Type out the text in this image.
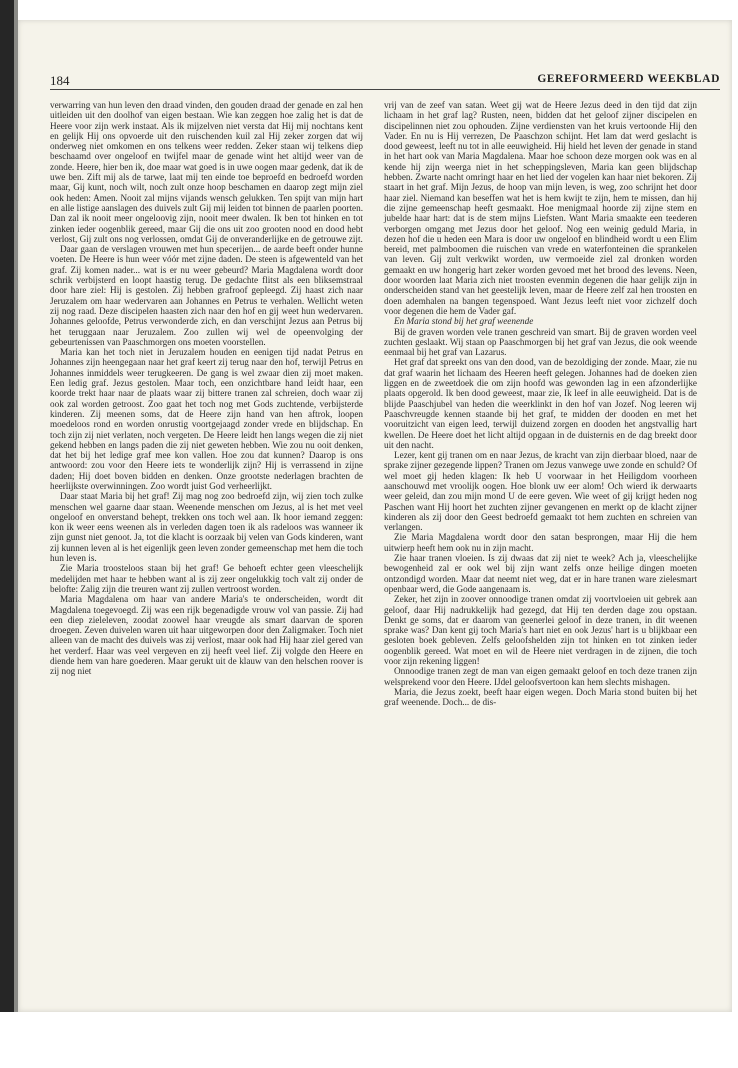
184	GEREFORMEERD WEEKBLAD

verwarring van hun leven den draad vinden, den gouden draad der genade en zal hen uitleiden uit den doolhof van eigen bestaan. Wie kan zeggen hoe zalig het is dat de Heere voor zijn werk instaat. Als ik mijzelven niet versta dat Hij mij nochtans kent en gelijk Hij ons opvoerde uit den ruischenden kuil zal Hij zeker zorgen dat wij onderweg niet omkomen en ons telkens weer redden. Zeker staan wij telkens diep beschaamd over ongeloof en twijfel maar de genade wint het altijd weer van de zonde. Heere, hier ben ik, doe maar wat goed is in uwe oogen maar gedenk, dat ik de uwe ben. Zift mij als de tarwe, laat mij ten einde toe beproefd en bedroefd worden maar, Gij kunt, noch wilt, noch zult onze hoop beschamen en daarop zegt mijn ziel ook heden: Amen. Nooit zal mijns vijands wensch gelukken. Ten spijt van mijn hart en alle listige aanslagen des duivels zult Gij mij leiden tot binnen de paarlen poorten. Dan zal ik nooit meer ongeloovig zijn, nooit meer dwalen. Ik ben tot hinken en tot zinken ieder oogenblik gereed, maar Gij die ons uit zoo grooten nood en dood hebt verlost, Gij zult ons nog verlossen, omdat Gij de onveranderlijke en de getrouwe zijt.

Daar gaan de verslagen vrouwen met hun specerijen... de aarde beeft onder hunne voeten. De Heere is hun weer vóór met zijne daden. De steen is afgewenteld van het graf. Zij komen nader... wat is er nu weer gebeurd? Maria Magdalena wordt door schrik verbijsterd en loopt haastig terug. De gedachte flitst als een bliksemstraal door hare ziel: Hij is gestolen. Zij hebben grafroof gepleegd. Zij haast zich naar Jeruzalem om haar wedervaren aan Johannes en Petrus te verhalen. Wellicht weten zij nog raad. Deze discipelen haasten zich naar den hof en gij weet hun wedervaren. Johannes geloofde, Petrus verwonderde zich, en dan verschijnt Jezus aan Petrus bij het teruggaan naar Jeruzalem. Zoo zullen wij wel de opeenvolging der gebeurtenissen van Paaschmorgen ons moeten voorstellen.

Maria kan het toch niet in Jeruzalem houden en eenigen tijd nadat Petrus en Johannes zijn heengegaan naar het graf keert zij terug naar den hof, terwijl Petrus en Johannes inmiddels weer terugkeeren. De gang is wel zwaar dien zij moet maken. Een ledig graf. Jezus gestolen. Maar toch, een onzichtbare hand leidt haar, een koorde trekt haar naar de plaats waar zij bittere tranen zal schreien, doch waar zij ook zal worden getroost. Zoo gaat het toch nog met Gods zuchtende, verbijsterde kinderen. Zij meenen soms, dat de Heere zijn hand van hen aftrok, loopen moedeloos rond en worden onrustig voortgejaagd zonder vrede en blijdschap. En toch zijn zij niet verlaten, noch vergeten. De Heere leidt hen langs wegen die zij niet gekend hebben en langs paden die zij niet geweten hebben. Wie zou nu ooit denken, dat het bij het ledige graf mee kon vallen. Hoe zou dat kunnen? Daarop is ons antwoord: zou voor den Heere iets te wonderlijk zijn? Hij is verrassend in zijne daden; Hij doet boven bidden en denken. Onze grootste nederlagen brachten de heerlijkste overwinningen. Zoo wordt juist God verheerlijkt.

Daar staat Maria bij het graf! Zij mag nog zoo bedroefd zijn, wij zien toch zulke menschen wel gaarne daar staan. Weenende menschen om Jezus, al is het met veel ongeloof en onverstand behept, trekken ons toch wel aan. Ik hoor iemand zeggen: kon ik weer eens weenen als in verleden dagen toen ik als radeloos was wanneer ik zijn gunst niet genoot. Ja, tot die klacht is oorzaak bij velen van Gods kinderen, want zij kunnen leven al is het eigenlijk geen leven zonder gemeenschap met hem die toch hun leven is.

Zie Maria troosteloos staan bij het graf! Ge behoeft echter geen vleeschelijk medelijden met haar te hebben want al is zij zeer ongelukkig toch valt zij onder de belofte: Zalig zijn die treuren want zij zullen vertroost worden.

Maria Magdalena om haar van andere Maria's te onderscheiden, wordt dit Magdalena toegevoegd. Zij was een rijk begenadigde vrouw vol van passie. Zij had een diep zieleleven, zoodat zoowel haar vreugde als smart daarvan de sporen droegen. Zeven duivelen waren uit haar uitgeworpen door den Zaligmaker. Toch niet alleen van de macht des duivels was zij verlost, maar ook had Hij haar ziel gered van het verderf. Haar was veel vergeven en zij heeft veel lief. Zij volgde den Heere en diende hem van hare goederen. Maar gerukt uit de klauw van den helschen roover is zij nog niet

vrij van de zeef van satan. Weet gij wat de Heere Jezus deed in den tijd dat zijn lichaam in het graf lag? Rusten, neen, bidden dat het geloof zijner discipelen en discipelinnen niet zou ophouden. Zijne verdiensten van het kruis vertoonde Hij den Vader. En nu is Hij verrezen, De Paaschzon schijnt. Het lam dat werd geslacht is dood geweest, leeft nu tot in alle eeuwigheid. Hij hield het leven der genade in stand in het hart ook van Maria Magdalena. Maar hoe schoon deze morgen ook was en al kende hij zijn weerga niet in het scheppingsleven, Maria kan geen blijdschap hebben. Zwarte nacht omringt haar en het lied der vogelen kan haar niet bekoren. Zij staart in het graf. Mijn Jezus, de hoop van mijn leven, is weg, zoo schrijnt het door haar ziel. Niemand kan beseffen wat het is hem kwijt te zijn, hem te missen, dan hij die zijne gemeenschap heeft gesmaakt. Hoe menigmaal hoorde zij zijne stem en jubelde haar hart: dat is de stem mijns Liefsten. Want Maria smaakte een teederen verborgen omgang met Jezus door het geloof. Nog een weinig geduld Maria, in dezen hof die u heden een Mara is door uw ongeloof en blindheid wordt u een Elim bereid, met palmboomen die ruischen van vrede en waterfonteinen die sprankelen van leven. Gij zult verkwikt worden, uw vermoeide ziel zal dronken worden gemaakt en uw hongerig hart zeker worden gevoed met het brood des levens. Neen, door woorden laat Maria zich niet troosten evenmin degenen die haar gelijk zijn in onderscheiden stand van het geestelijk leven, maar de Heere zelf zal hen troosten en doen ademhalen na bangen tegenspoed. Want Jezus leeft niet voor zichzelf doch voor degenen die hem de Vader gaf.

En Maria stond bij het graf weenende

Bij de graven worden vele tranen geschreid van smart. Bij de graven worden veel zuchten geslaakt. Wij staan op Paaschmorgen bij het graf van Jezus, die ook weende eenmaal bij het graf van Lazarus.

Het graf dat spreekt ons van den dood, van de bezoldiging der zonde. Maar, zie nu dat graf waarin het lichaam des Heeren heeft gelegen. Johannes had de doeken zien liggen en de zweetdoek die om zijn hoofd was gewonden lag in een afzonderlijke plaats opgerold. Ik ben dood geweest, maar zie, Ik leef in alle eeuwigheid. Dat is de blijde Paaschjubel van heden die weerklinkt in den hof van Jozef. Nog leeren wij Paaschvreugde kennen staande bij het graf, te midden der dooden en met het vooruitzicht van eigen leed, terwijl duizend zorgen en dooden het angstvallig hart kwellen. De Heere doet het licht altijd opgaan in de duisternis en de dag breekt door uit den nacht.

Lezer, kent gij tranen om en naar Jezus, de kracht van zijn dierbaar bloed, naar de sprake zijner gezegende lippen? Tranen om Jezus vanwege uwe zonde en schuld? Of wel moet gij heden klagen: Ik heb U voorwaar in het Heiligdom voorheen aanschouwd met vroolijk oogen. Hoe blonk uw eer alom! Och wierd ik derwaarts weer geleid, dan zou mijn mond U de eere geven. Wie weet of gij krijgt heden nog Paschen want Hij hoort het zuchten zijner gevangenen en merkt op de klacht zijner kinderen als zij door den Geest bedroefd gemaakt tot hem zuchten en schreien van verlangen.

Zie Maria Magdalena wordt door den satan besprongen, maar Hij die hem uitwierp heeft hem ook nu in zijn macht.

Zie haar tranen vloeien. Is zij dwaas dat zij niet te week? Ach ja, vleeschelijke bewogenheid zal er ook wel bij zijn want zelfs onze heilige dingen moeten ontzondigd worden. Maar dat neemt niet weg, dat er in hare tranen ware zielesmart openbaar werd, die Gode aangenaam is.

Zeker, het zijn in zoover onnoodige tranen omdat zij voortvloeien uit gebrek aan geloof, daar Hij nadrukkelijk had gezegd, dat Hij ten derden dage zou opstaan. Denkt ge soms, dat er daarom van geenerlei geloof in deze tranen, in dit weenen sprake was? Dan kent gij toch Maria's hart niet en ook Jezus' hart is u blijkbaar een gesloten boek gebleven. Zelfs geloofshelden zijn tot hinken en tot zinken ieder oogenblik gereed. Wat moet en wil de Heere niet verdragen in de zijnen, die toch voor zijn rekening liggen!

Onnoodige tranen zegt de man van eigen gemaakt geloof en toch deze tranen zijn welsprekend voor den Heere. IJdel geloofsvertoon kan hem slechts mishagen.

Maria, die Jezus zoekt, beeft haar eigen wegen. Doch Maria stond buiten bij het graf weenende. Doch... de dis-
